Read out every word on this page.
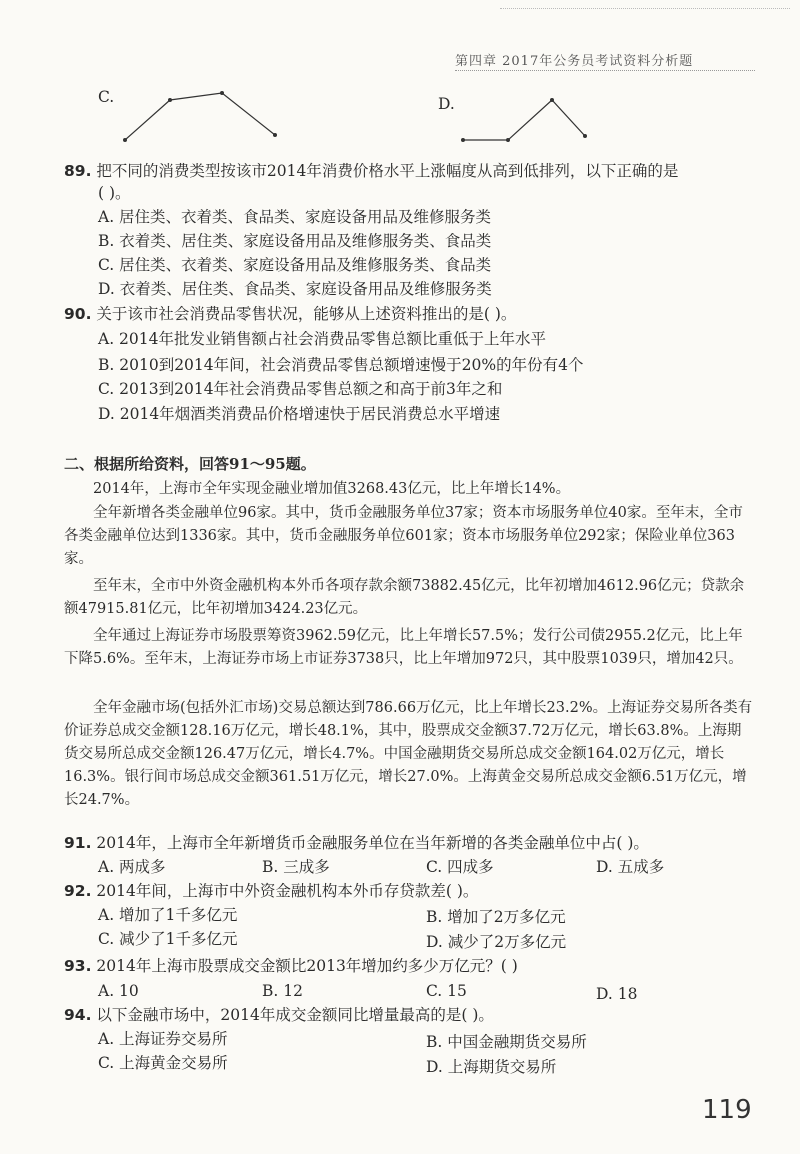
第四章 2017年公务员考试资料分析题
C.	D.
89. 把不同的消费类型按该市2014年消费价格水平上涨幅度从高到低排列，以下正确的是
( )。
A. 居住类、衣着类、食品类、家庭设备用品及维修服务类
B. 衣着类、居住类、家庭设备用品及维修服务类、食品类
C. 居住类、衣着类、家庭设备用品及维修服务类、食品类
D. 衣着类、居住类、食品类、家庭设备用品及维修服务类
90. 关于该市社会消费品零售状况，能够从上述资料推出的是( )。
A. 2014年批发业销售额占社会消费品零售总额比重低于上年水平
B. 2010到2014年间，社会消费品零售总额增速慢于20%的年份有4个
C. 2013到2014年社会消费品零售总额之和高于前3年之和
D. 2014年烟酒类消费品价格增速快于居民消费总水平增速
二、根据所给资料，回答91～95题。
2014年，上海市全年实现金融业增加值3268.43亿元，比上年增长14%。
全年新增各类金融单位96家。其中，货币金融服务单位37家；资本市场服务单位40家。至年末，全市各类金融单位达到1336家。其中，货币金融服务单位601家；资本市场服务单位292家；保险业单位363家。
至年末，全市中外资金融机构本外币各项存款余额73882.45亿元，比年初增加4612.96亿元；贷款余额47915.81亿元，比年初增加3424.23亿元。
全年通过上海证券市场股票筹资3962.59亿元，比上年增长57.5%；发行公司债2955.2亿元，比上年下降5.6%。至年末，上海证券市场上市证券3738只，比上年增加972只，其中股票1039只，增加42只。
全年金融市场(包括外汇市场)交易总额达到786.66万亿元，比上年增长23.2%。上海证券交易所各类有价证券总成交金额128.16万亿元，增长48.1%，其中，股票成交金额37.72万亿元，增长63.8%。上海期货交易所总成交金额126.47万亿元，增长4.7%。中国金融期货交易所总成交金额164.02万亿元，增长16.3%。银行间市场总成交金额361.51万亿元，增长27.0%。上海黄金交易所总成交金额6.51万亿元，增长24.7%。
91. 2014年，上海市全年新增货币金融服务单位在当年新增的各类金融单位中占( )。
A. 两成多	B. 三成多	C. 四成多	D. 五成多
92. 2014年间，上海市中外资金融机构本外币存贷款差( )。
A. 增加了1千多亿元	B. 增加了2万多亿元
C. 减少了1千多亿元	D. 减少了2万多亿元
93. 2014年上海市股票成交金额比2013年增加约多少万亿元？( )
A. 10	B. 12	C. 15	D. 18
94. 以下金融市场中，2014年成交金额同比增量最高的是( )。
A. 上海证券交易所	B. 中国金融期货交易所
C. 上海黄金交易所	D. 上海期货交易所
119
